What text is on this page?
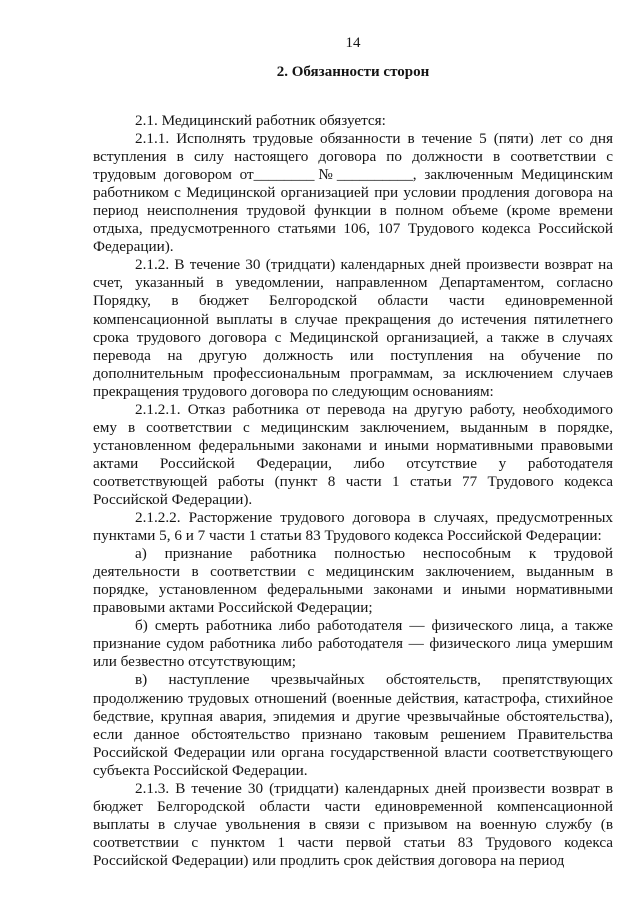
14
2. Обязанности сторон

2.1. Медицинский работник обязуется:

2.1.1. Исполнять трудовые обязанности в течение 5 (пяти) лет со дня вступления в силу настоящего договора по должности в соответствии с трудовым договором от________№__________, заключенным Медицинским работником с Медицинской организацией при условии продления договора на период неисполнения трудовой функции в полном объеме (кроме времени отдыха, предусмотренного статьями 106, 107 Трудового кодекса Российской Федерации).

2.1.2. В течение 30 (тридцати) календарных дней произвести возврат на счет, указанный в уведомлении, направленном Департаментом, согласно Порядку, в бюджет Белгородской области части единовременной компенсационной выплаты в случае прекращения до истечения пятилетнего срока трудового договора с Медицинской организацией, а также в случаях перевода на другую должность или поступления на обучение по дополнительным профессиональным программам, за исключением случаев прекращения трудового договора по следующим основаниям:

2.1.2.1. Отказ работника от перевода на другую работу, необходимого ему в соответствии с медицинским заключением, выданным в порядке, установленном федеральными законами и иными нормативными правовыми актами Российской Федерации, либо отсутствие у работодателя соответствующей работы (пункт 8 части 1 статьи 77 Трудового кодекса Российской Федерации).

2.1.2.2. Расторжение трудового договора в случаях, предусмотренных пунктами 5, 6 и 7 части 1 статьи 83 Трудового кодекса Российской Федерации:

а) признание работника полностью неспособным к трудовой деятельности в соответствии с медицинским заключением, выданным в порядке, установленном федеральными законами и иными нормативными правовыми актами Российской Федерации;

б) смерть работника либо работодателя — физического лица, а также признание судом работника либо работодателя — физического лица умершим или безвестно отсутствующим;

в) наступление чрезвычайных обстоятельств, препятствующих продолжению трудовых отношений (военные действия, катастрофа, стихийное бедствие, крупная авария, эпидемия и другие чрезвычайные обстоятельства), если данное обстоятельство признано таковым решением Правительства Российской Федерации или органа государственной власти соответствующего субъекта Российской Федерации.

2.1.3. В течение 30 (тридцати) календарных дней произвести возврат в бюджет Белгородской области части единовременной компенсационной выплаты в случае увольнения в связи с призывом на военную службу (в соответствии с пунктом 1 части первой статьи 83 Трудового кодекса Российской Федерации) или продлить срок действия договора на период
